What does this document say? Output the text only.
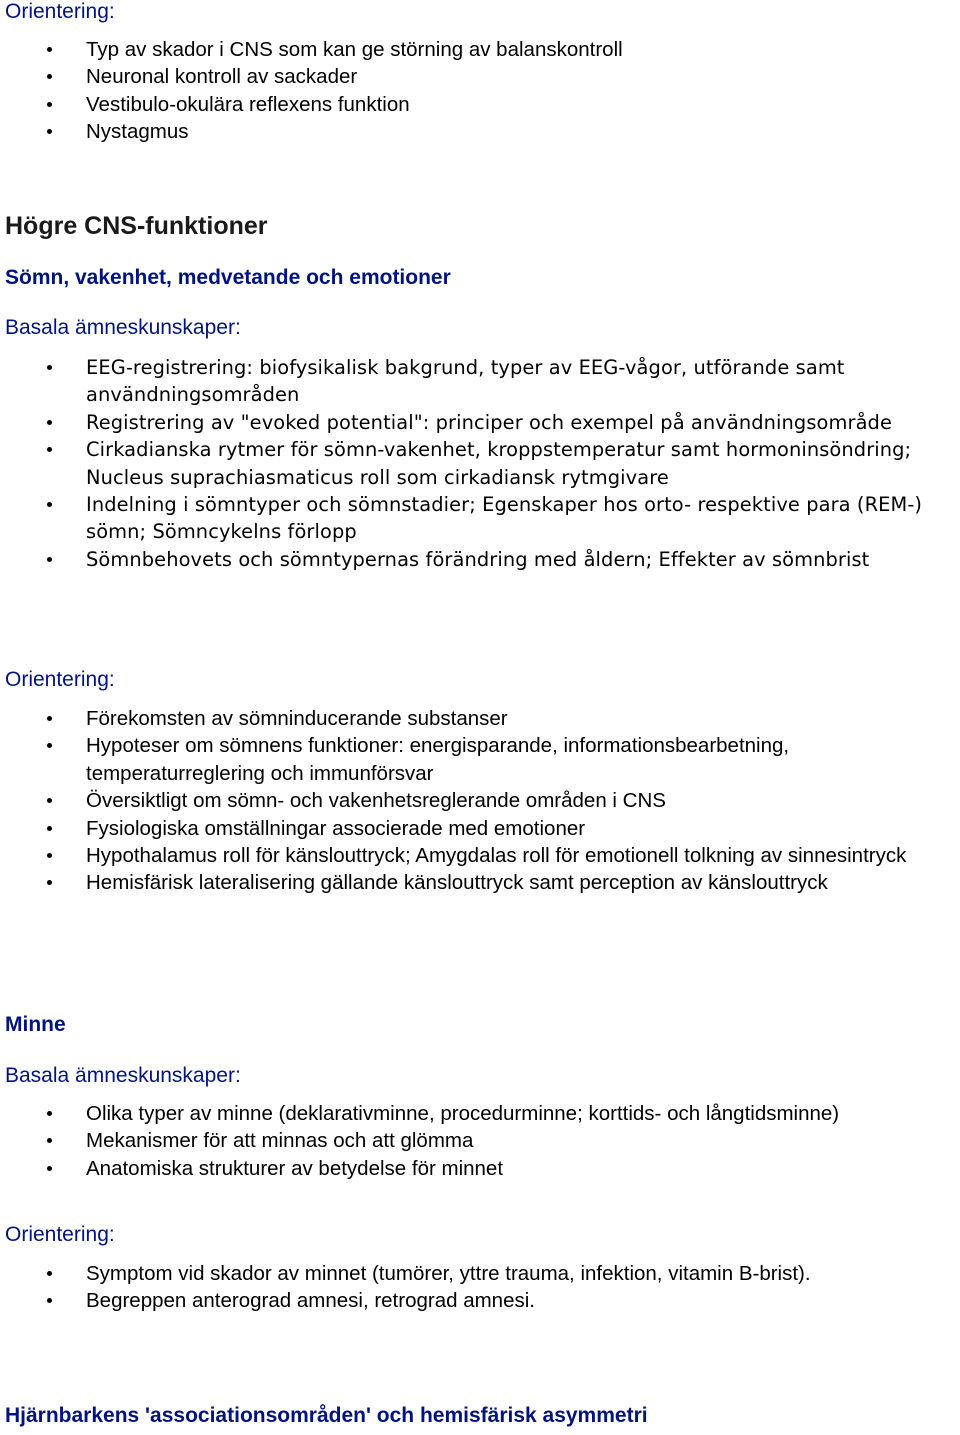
Orientering:
Typ av skador i CNS som kan ge störning av balanskontroll
Neuronal kontroll av sackader
Vestibulo-okulära reflexens funktion
Nystagmus
Högre CNS-funktioner
Sömn, vakenhet, medvetande och emotioner
Basala ämneskunskaper:
EEG-registrering: biofysikalisk bakgrund, typer av EEG-vågor, utförande samt användningsområden
Registrering av "evoked potential": principer och exempel på användningsområde
Cirkadianska rytmer för sömn-vakenhet, kroppstemperatur samt hormoninsöndring; Nucleus suprachiasmaticus roll som cirkadiansk rytmgivare
Indelning i sömntyper och sömnstadier; Egenskaper hos orto- respektive para (REM-) sömn; Sömncykelns förlopp
Sömnbehovets och sömntypernas förändring med åldern; Effekter av sömnbrist
Orientering:
Förekomsten av sömninducerande substanser
Hypoteser om sömnens funktioner: energisparande, informationsbearbetning, temperaturreglering och immunförsvar
Översiktligt om sömn- och vakenhetsreglerande områden i CNS
Fysiologiska omställningar associerade med emotioner
Hypothalamus roll för känslouttryck; Amygdalas roll för emotionell tolkning av sinnesintryck
Hemisfärisk lateralisering gällande känslouttryck samt perception av känslouttryck
Minne
Basala ämneskunskaper:
Olika typer av minne (deklarativminne, procedurminne; korttids- och långtidsminne)
Mekanismer för att minnas och att glömma
Anatomiska strukturer av betydelse för minnet
Orientering:
Symptom vid skador av minnet (tumörer, yttre trauma, infektion, vitamin B-brist).
Begreppen anterograd amnesi, retrograd amnesi.
Hjärnbarkens 'associationsområden' och hemisfärisk asymmetri
